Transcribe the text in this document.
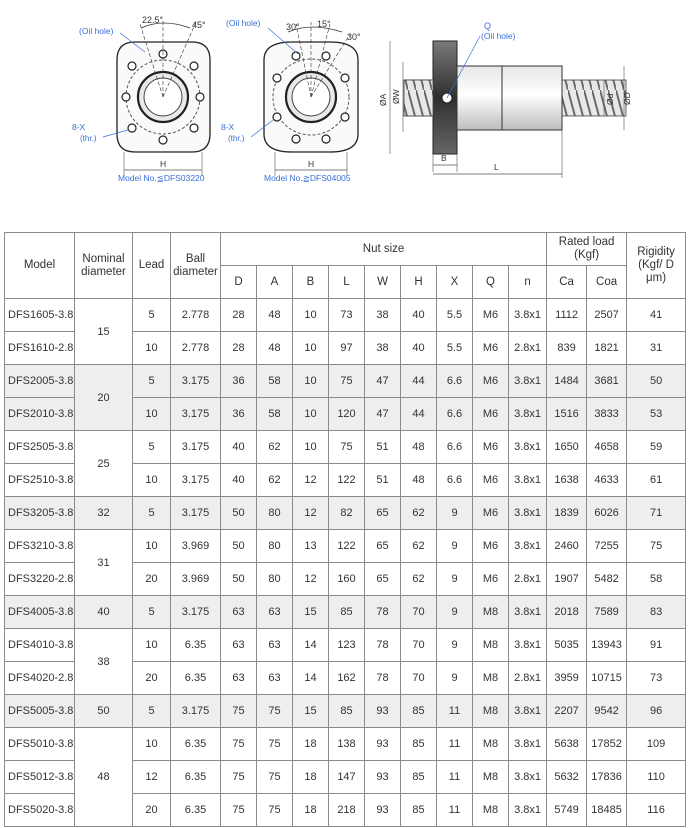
22.5°	45°
(Oil hole)
8-X
(thr.)
H
Model No.≦DFS03220
30° 15°
30°
(Oil hole)
8-X
(thr.)
H
Model No.≧DFS04005
Q
(Oil hole)
ØA ØW	Ød ØD
B
L
Model	Nominal diameter	Lead	Ball diameter	Nut size									Rated load (Kgf)		Rigidity (Kgf/ D μm)
				D	A	B	L	W	H	X	Q	n	Ca	Coa	
DFS1605-3.8	15	5	2.778	28	48	10	73	38	40	5.5	M6	3.8x1	1112	2507	41
DFS1610-2.8		10	2.778	28	48	10	97	38	40	5.5	M6	2.8x1	839	1821	31
DFS2005-3.8	20	5	3.175	36	58	10	75	47	44	6.6	M6	3.8x1	1484	3681	50
DFS2010-3.8		10	3.175	36	58	10	120	47	44	6.6	M6	3.8x1	1516	3833	53
DFS2505-3.8	25	5	3.175	40	62	10	75	51	48	6.6	M6	3.8x1	1650	4658	59
DFS2510-3.8		10	3.175	40	62	12	122	51	48	6.6	M6	3.8x1	1638	4633	61
DFS3205-3.8	32	5	3.175	50	80	12	82	65	62	9	M6	3.8x1	1839	6026	71
DFS3210-3.8	31	10	3.969	50	80	13	122	65	62	9	M6	3.8x1	2460	7255	75
DFS3220-2.8		20	3.969	50	80	12	160	65	62	9	M6	2.8x1	1907	5482	58
DFS4005-3.8	40	5	3.175	63	63	15	85	78	70	9	M8	3.8x1	2018	7589	83
DFS4010-3.8	38	10	6.35	63	63	14	123	78	70	9	M8	3.8x1	5035	13943	91
DFS4020-2.8		20	6.35	63	63	14	162	78	70	9	M8	2.8x1	3959	10715	73
DFS5005-3.8	50	5	3.175	75	75	15	85	93	85	11	M8	3.8x1	2207	9542	96
DFS5010-3.8	48	10	6.35	75	75	18	138	93	85	11	M8	3.8x1	5638	17852	109
DFS5012-3.8		12	6.35	75	75	18	147	93	85	11	M8	3.8x1	5632	17836	110
DFS5020-3.8		20	6.35	75	75	18	218	93	85	11	M8	3.8x1	5749	18485	116
